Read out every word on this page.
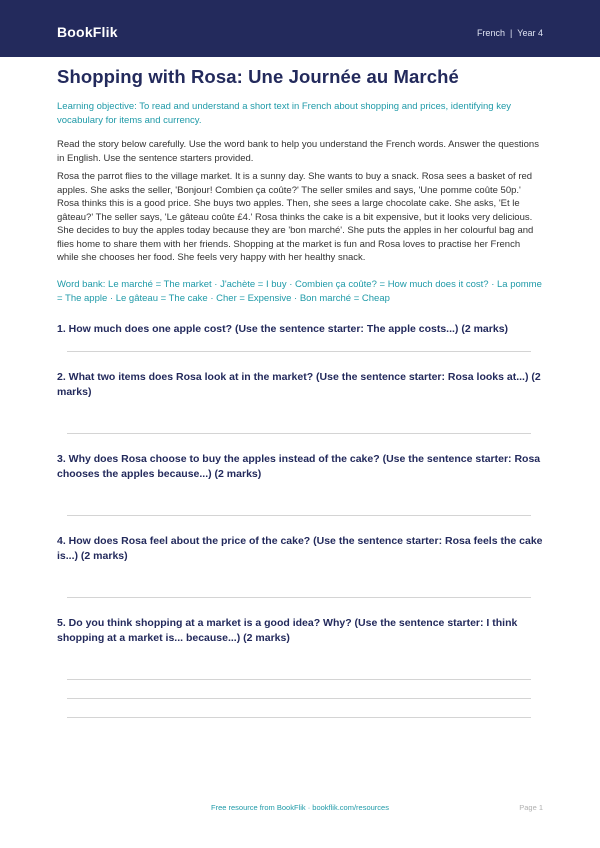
BookFlik	French | Year 4
Shopping with Rosa: Une Journée au Marché
Learning objective: To read and understand a short text in French about shopping and prices, identifying key vocabulary for items and currency.
Read the story below carefully. Use the word bank to help you understand the French words. Answer the questions in English. Use the sentence starters provided.
Rosa the parrot flies to the village market. It is a sunny day. She wants to buy a snack. Rosa sees a basket of red apples. She asks the seller, 'Bonjour! Combien ça coûte?' The seller smiles and says, 'Une pomme coûte 50p.' Rosa thinks this is a good price. She buys two apples. Then, she sees a large chocolate cake. She asks, 'Et le gâteau?' The seller says, 'Le gâteau coûte £4.' Rosa thinks the cake is a bit expensive, but it looks very delicious. She decides to buy the apples today because they are 'bon marché'. She puts the apples in her colourful bag and flies home to share them with her friends. Shopping at the market is fun and Rosa loves to practise her French while she chooses her food. She feels very happy with her healthy snack.
Word bank: Le marché = The market · J'achète = I buy · Combien ça coûte? = How much does it cost? · La pomme = The apple · Le gâteau = The cake · Cher = Expensive · Bon marché = Cheap

1. How much does one apple cost? (Use the sentence starter: The apple costs...) (2 marks)

2. What two items does Rosa look at in the market? (Use the sentence starter: Rosa looks at...) (2 marks)

3. Why does Rosa choose to buy the apples instead of the cake? (Use the sentence starter: Rosa chooses the apples because...) (2 marks)

4. How does Rosa feel about the price of the cake? (Use the sentence starter: Rosa feels the cake is...) (2 marks)

5. Do you think shopping at a market is a good idea? Why? (Use the sentence starter: I think shopping at a market is... because...) (2 marks)

Free resource from BookFlik · bookflik.com/resources	Page 1
